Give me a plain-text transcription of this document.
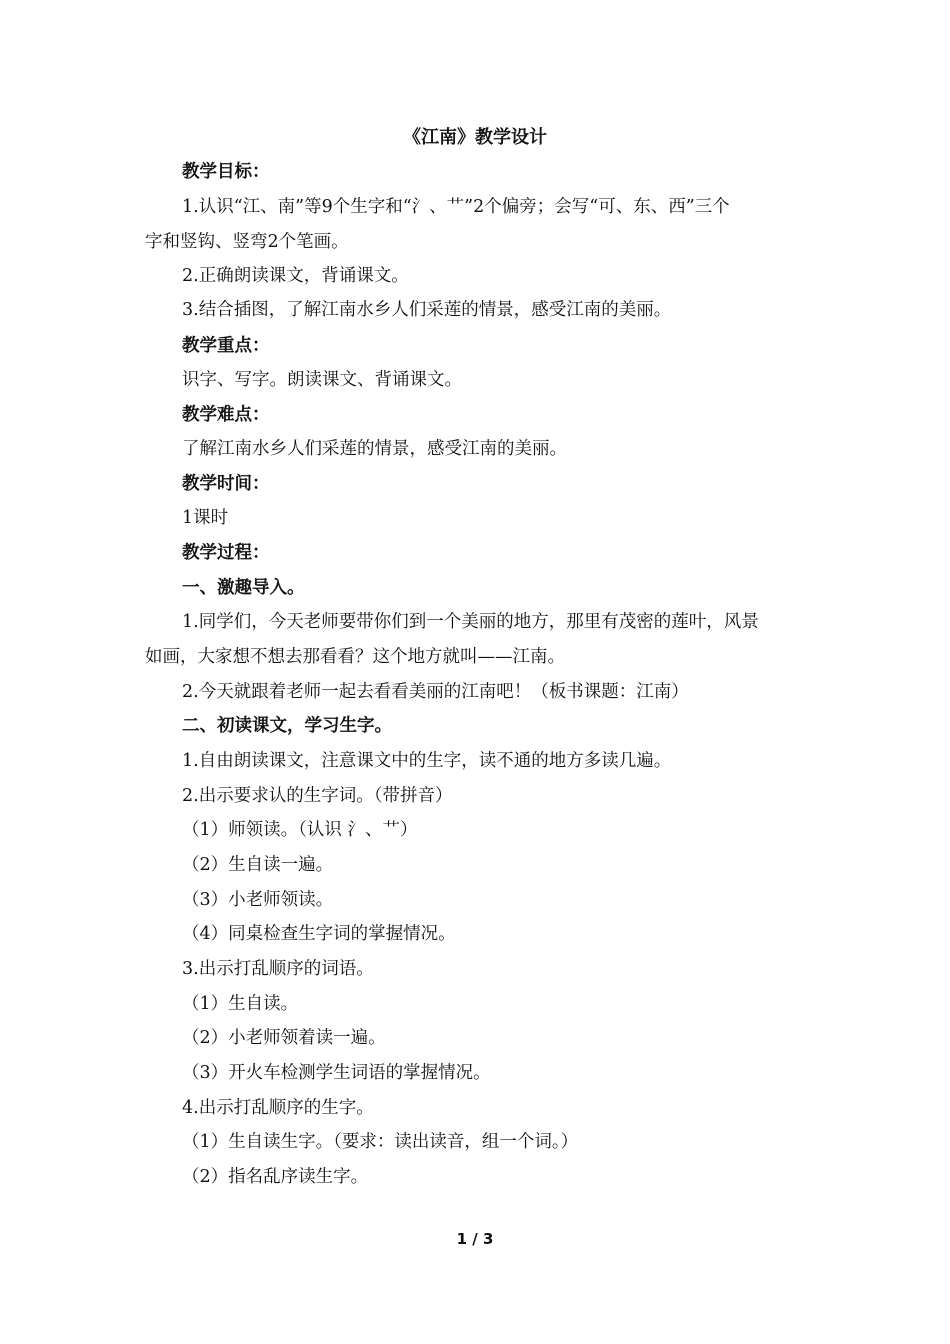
《江南》教学设计
教学目标：
1.认识“江、南”等9个生字和“氵、艹”2个偏旁；会写“可、东、西”三个
字和竖钩、竖弯2个笔画。
2.正确朗读课文，背诵课文。
3.结合插图，了解江南水乡人们采莲的情景，感受江南的美丽。
教学重点：
识字、写字。朗读课文、背诵课文。
教学难点：
了解江南水乡人们采莲的情景，感受江南的美丽。
教学时间：
1课时
教学过程：
一、激趣导入。
1.同学们，今天老师要带你们到一个美丽的地方，那里有茂密的莲叶，风景
如画，大家想不想去那看看？这个地方就叫——江南。
2.今天就跟着老师一起去看看美丽的江南吧！（板书课题：江南）
二、初读课文，学习生字。
1.自由朗读课文，注意课文中的生字，读不通的地方多读几遍。
2.出示要求认的生字词。（带拼音）
（1）师领读。（认识 氵、艹）
（2）生自读一遍。
（3）小老师领读。
（4）同桌检查生字词的掌握情况。
3.出示打乱顺序的词语。
（1）生自读。
（2）小老师领着读一遍。
（3）开火车检测学生词语的掌握情况。
4.出示打乱顺序的生字。
（1）生自读生字。（要求：读出读音，组一个词。）
（2）指名乱序读生字。
1 / 3
